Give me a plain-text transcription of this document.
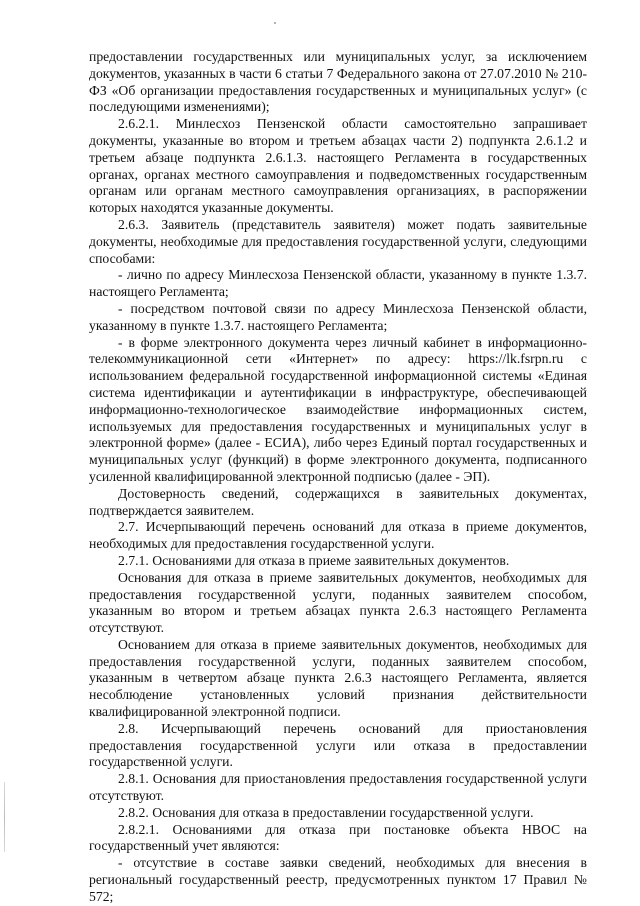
предоставлении государственных или муниципальных услуг, за исключением документов, указанных в части 6 статьи 7 Федерального закона от 27.07.2010 № 210-ФЗ «Об организации предоставления государственных и муниципальных услуг» (с последующими изменениями);

2.6.2.1. Минлесхоз Пензенской области самостоятельно запрашивает документы, указанные во втором и третьем абзацах части 2) подпункта 2.6.1.2 и третьем абзаце подпункта 2.6.1.3. настоящего Регламента в государственных органах, органах местного самоуправления и подведомственных государственным органам или органам местного самоуправления организациях, в распоряжении которых находятся указанные документы.

2.6.3. Заявитель (представитель заявителя) может подать заявительные документы, необходимые для предоставления государственной услуги, следующими способами:

- лично по адресу Минлесхоза Пензенской области, указанному в пункте 1.3.7. настоящего Регламента;

- посредством почтовой связи по адресу Минлесхоза Пензенской области, указанному в пункте 1.3.7. настоящего Регламента;

- в форме электронного документа через личный кабинет в информационно-телекоммуникационной сети «Интернет» по адресу: https://lk.fsrpn.ru с использованием федеральной государственной информационной системы «Единая система идентификации и аутентификации в инфраструктуре, обеспечивающей информационно-технологическое взаимодействие информационных систем, используемых для предоставления государственных и муниципальных услуг в электронной форме» (далее - ЕСИА), либо через Единый портал государственных и муниципальных услуг (функций) в форме электронного документа, подписанного усиленной квалифицированной электронной подписью (далее - ЭП).

Достоверность сведений, содержащихся в заявительных документах, подтверждается заявителем.

2.7. Исчерпывающий перечень оснований для отказа в приеме документов, необходимых для предоставления государственной услуги.

2.7.1. Основаниями для отказа в приеме заявительных документов.

Основания для отказа в приеме заявительных документов, необходимых для предоставления государственной услуги, поданных заявителем способом, указанным во втором и третьем абзацах пункта 2.6.3 настоящего Регламента отсутствуют.

Основанием для отказа в приеме заявительных документов, необходимых для предоставления государственной услуги, поданных заявителем способом, указанным в четвертом абзаце пункта 2.6.3 настоящего Регламента, является несоблюдение установленных условий признания действительности квалифицированной электронной подписи.

2.8. Исчерпывающий перечень оснований для приостановления предоставления государственной услуги или отказа в предоставлении государственной услуги.

2.8.1. Основания для приостановления предоставления государственной услуги отсутствуют.

2.8.2. Основания для отказа в предоставлении государственной услуги.

2.8.2.1. Основаниями для отказа при постановке объекта НВОС на государственный учет являются:

- отсутствие в составе заявки сведений, необходимых для внесения в региональный государственный реестр, предусмотренных пунктом 17 Правил № 572;
